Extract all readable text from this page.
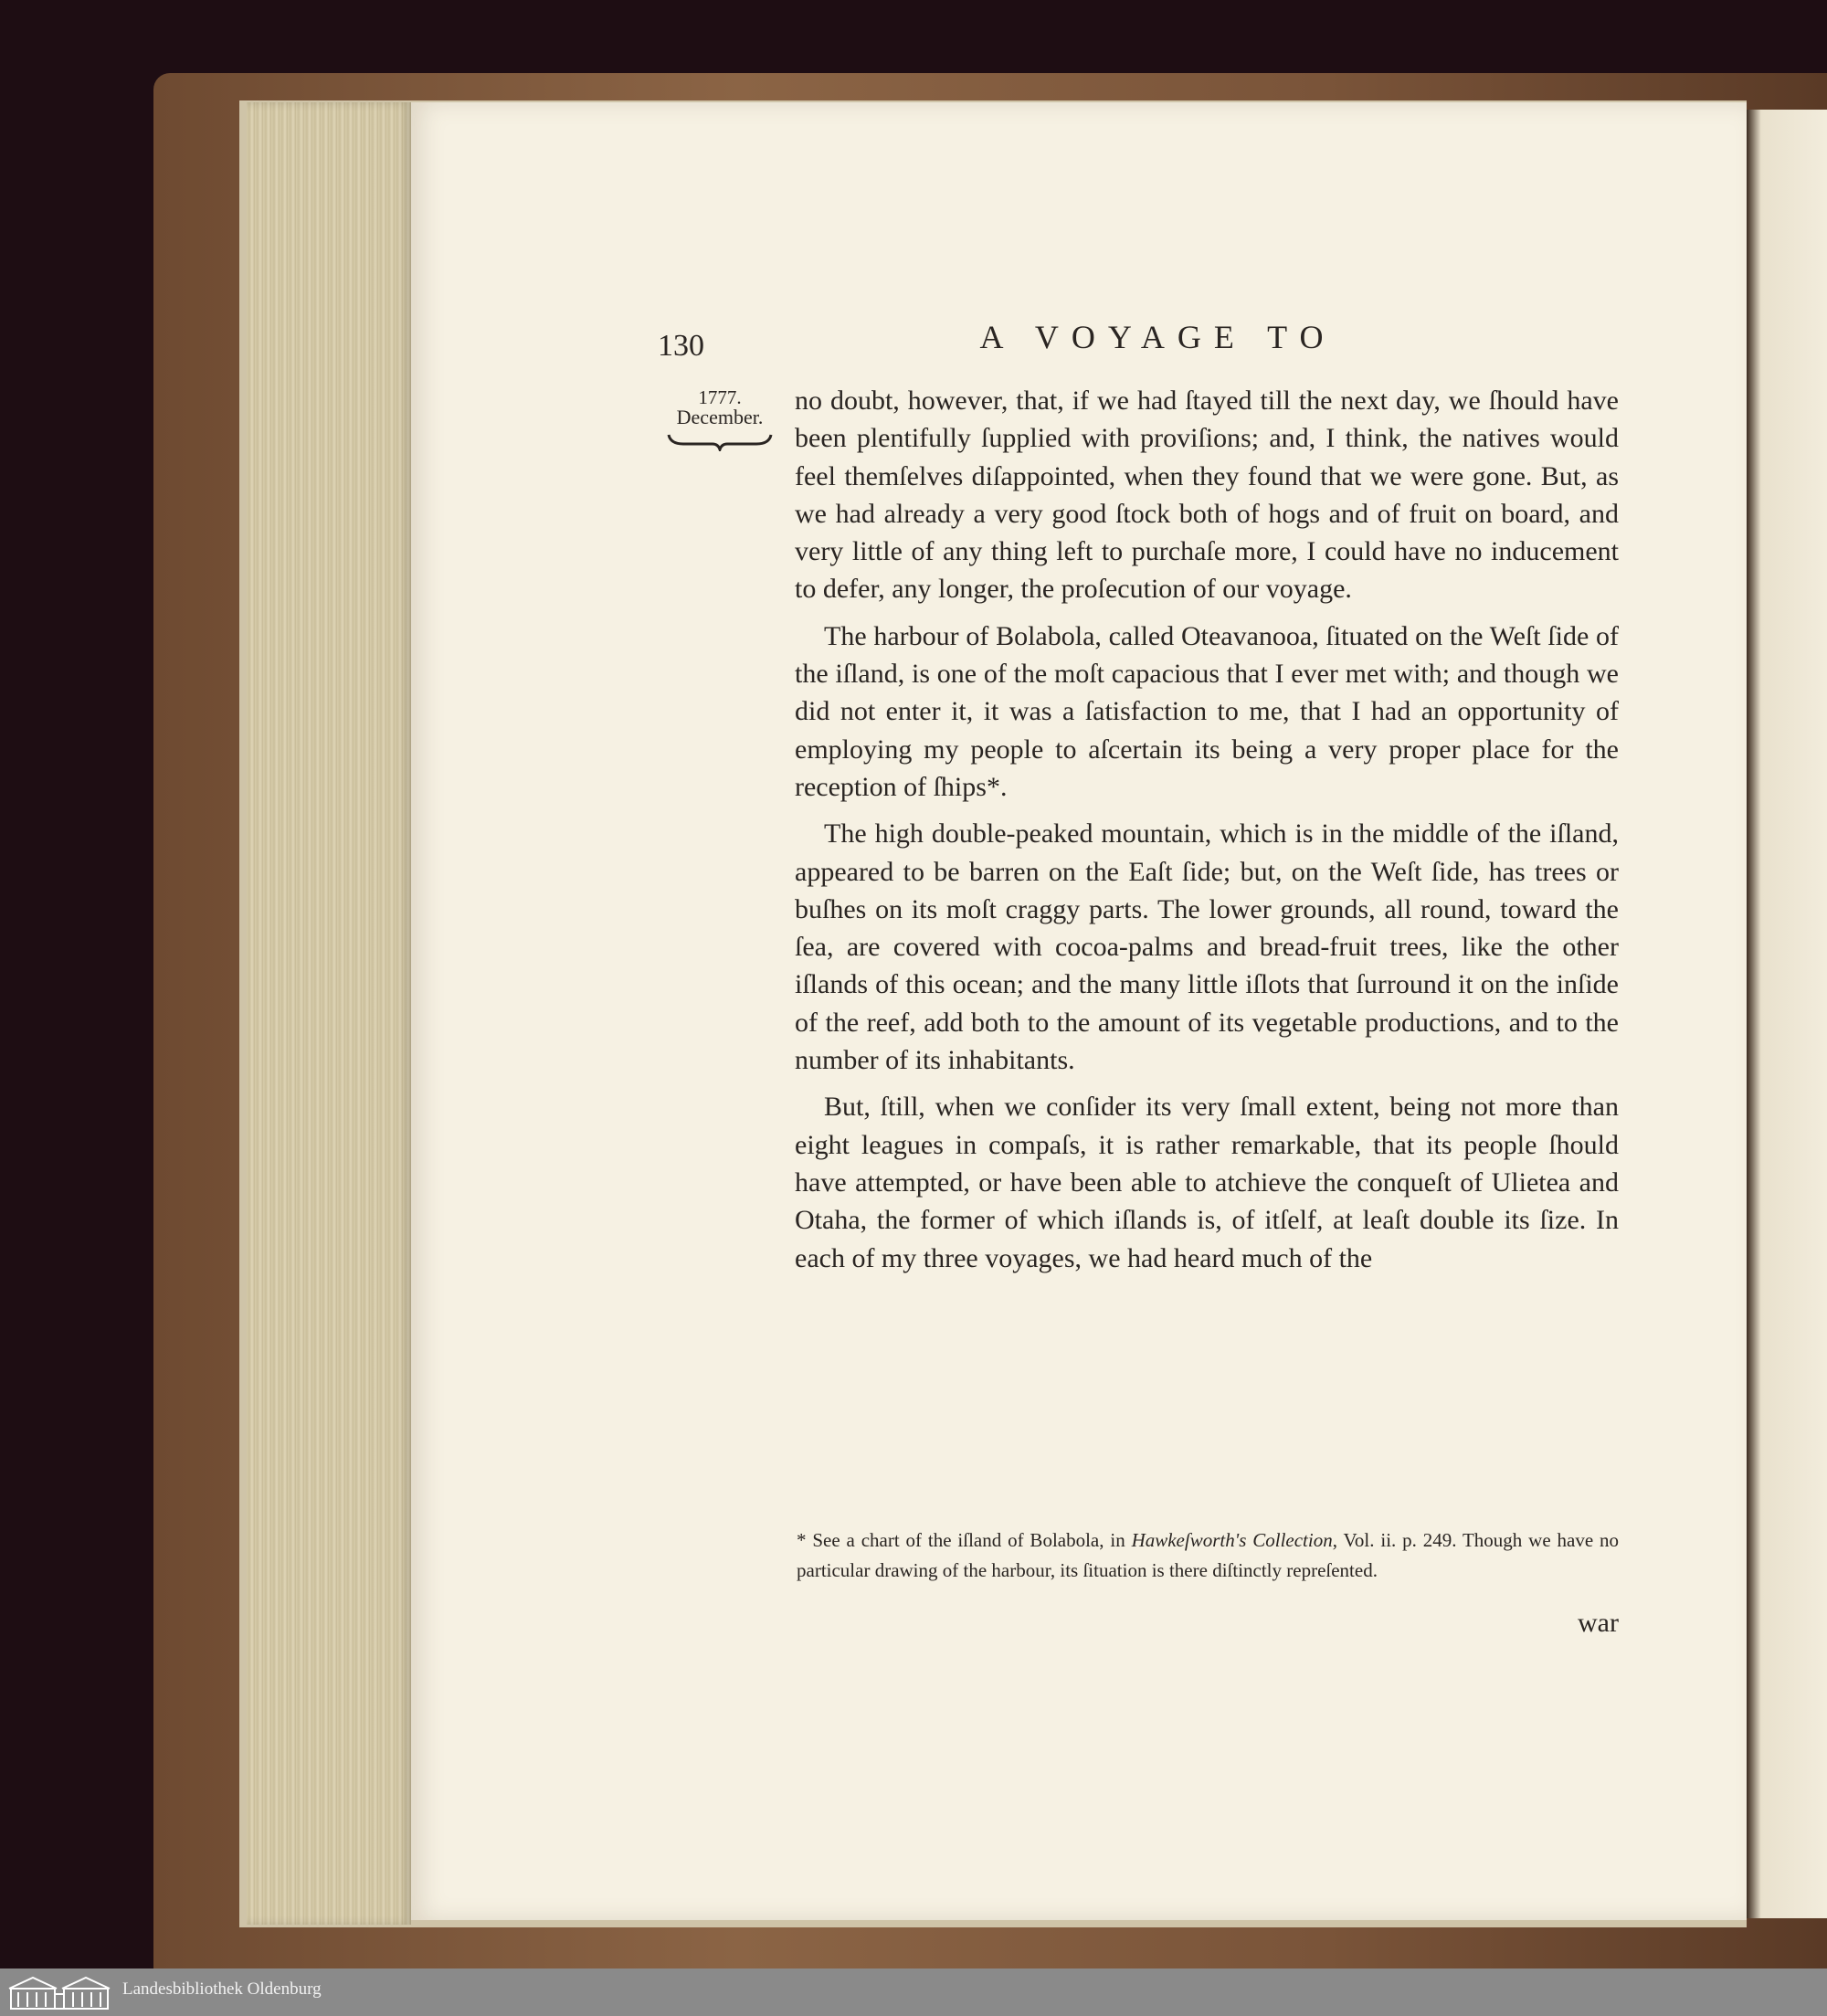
130	A VOYAGE TO
1777.
December.

no doubt, however, that, if we had ſtayed till the next day, we ſhould have been plentifully ſupplied with proviſions; and, I think, the natives would feel themſelves diſappointed, when they found that we were gone. But, as we had already a very good ſtock both of hogs and of fruit on board, and very little of any thing left to purchaſe more, I could have no inducement to defer, any longer, the proſecution of our voyage.

The harbour of Bolabola, called Oteavanooa, ſituated on the Weſt ſide of the iſland, is one of the moſt capacious that I ever met with; and though we did not enter it, it was a ſatisfaction to me, that I had an opportunity of employing my people to aſcertain its being a very proper place for the reception of ſhips*.

The high double-peaked mountain, which is in the middle of the iſland, appeared to be barren on the Eaſt ſide; but, on the Weſt ſide, has trees or buſhes on its moſt craggy parts. The lower grounds, all round, toward the ſea, are covered with cocoa-palms and bread-fruit trees, like the other iſlands of this ocean; and the many little iſlots that ſurround it on the inſide of the reef, add both to the amount of its vegetable productions, and to the number of its inhabitants.

But, ſtill, when we conſider its very ſmall extent, being not more than eight leagues in compaſs, it is rather remarkable, that its people ſhould have attempted, or have been able to atchieve the conqueſt of Ulietea and Otaha, the former of which iſlands is, of itſelf, at leaſt double its ſize. In each of my three voyages, we had heard much of the

* See a chart of the iſland of Bolabola, in Hawkeſworth's Collection, Vol. ii. p. 249. Though we have no particular drawing of the harbour, its ſituation is there diſtinctly repreſented.
war
Landesbibliothek Oldenburg
